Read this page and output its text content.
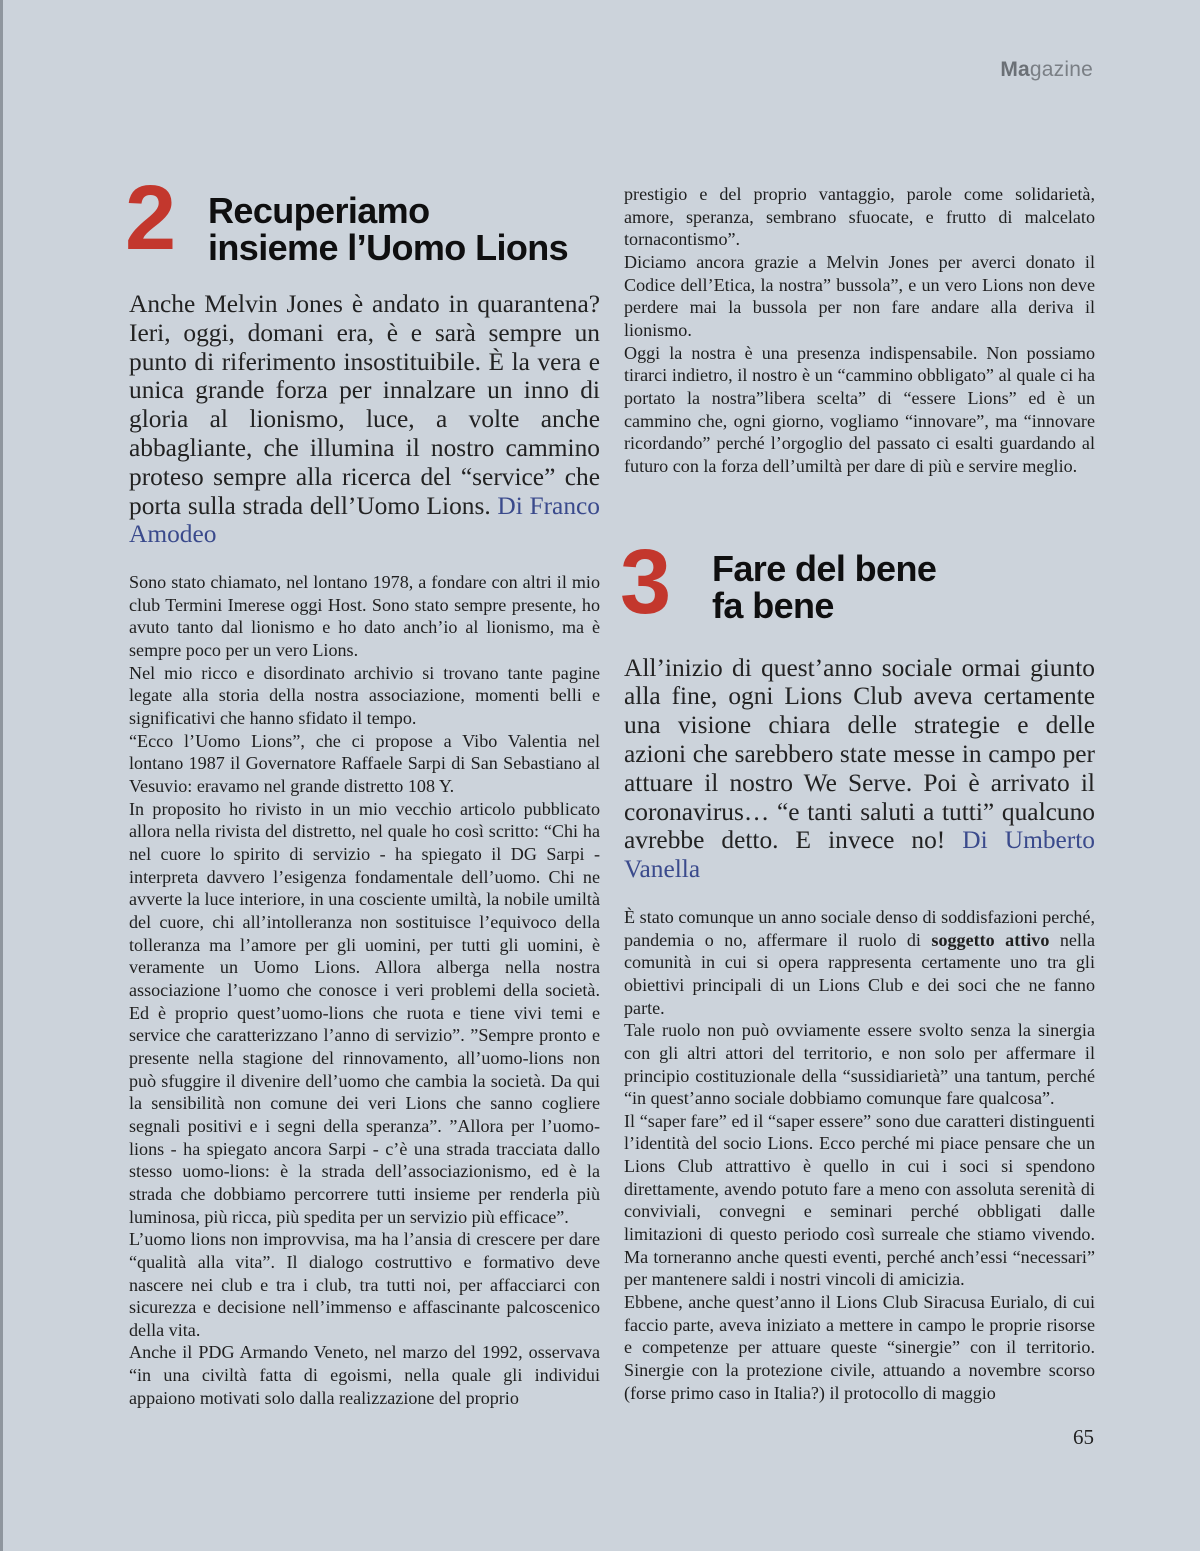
Magazine
2 Recuperiamo
insieme l’Uomo Lions
Anche Melvin Jones è andato in quarantena? Ieri, oggi, domani era, è e sarà sempre un punto di riferimento insostituibile. È la vera e unica grande forza per innalzare un inno di gloria al lionismo, luce, a volte anche abbagliante, che illumina il nostro cammino proteso sempre alla ricerca del “service” che porta sulla strada dell’Uomo Lions. Di Franco Amodeo

Sono stato chiamato, nel lontano 1978, a fondare con altri il mio club Termini Imerese oggi Host. Sono stato sempre presente, ho avuto tanto dal lionismo e ho dato anch’io al lionismo, ma è sempre poco per un vero Lions.

Nel mio ricco e disordinato archivio si trovano tante pagine legate alla storia della nostra associazione, momenti belli e significativi che hanno sfidato il tempo.

“Ecco l’Uomo Lions”, che ci propose a Vibo Valentia nel lontano 1987 il Governatore Raffaele Sarpi di San Sebastiano al Vesuvio: eravamo nel grande distretto 108 Y.

In proposito ho rivisto in un mio vecchio articolo pubblicato allora nella rivista del distretto, nel quale ho così scritto: “Chi ha nel cuore lo spirito di servizio - ha spiegato il DG Sarpi - interpreta davvero l’esigenza fondamentale dell’uomo. Chi ne avverte la luce interiore, in una cosciente umiltà, la nobile umiltà del cuore, chi all’intolleranza non sostituisce l’equivoco della tolleranza ma l’amore per gli uomini, per tutti gli uomini, è veramente un Uomo Lions. Allora alberga nella nostra associazione l’uomo che conosce i veri problemi della società. Ed è proprio quest’uomo-lions che ruota e tiene vivi temi e service che caratterizzano l’anno di servizio”. ”Sempre pronto e presente nella stagione del rinnovamento, all’uomo-lions non può sfuggire il divenire dell’uomo che cambia la società. Da qui la sensibilità non comune dei veri Lions che sanno cogliere segnali positivi e i segni della speranza”. ”Allora per l’uomo-lions - ha spiegato ancora Sarpi - c’è una strada tracciata dallo stesso uomo-lions: è la strada dell’associazionismo, ed è la strada che dobbiamo percorrere tutti insieme per renderla più luminosa, più ricca, più spedita per un servizio più efficace”.

L’uomo lions non improvvisa, ma ha l’ansia di crescere per dare “qualità alla vita”. Il dialogo costruttivo e formativo deve nascere nei club e tra i club, tra tutti noi, per affacciarci con sicurezza e decisione nell’immenso e affascinante palcoscenico della vita.

Anche il PDG Armando Veneto, nel marzo del 1992, osservava “in una civiltà fatta di egoismi, nella quale gli individui appaiono motivati solo dalla realizzazione del proprio

prestigio e del proprio vantaggio, parole come solidarietà, amore, speranza, sembrano sfuocate, e frutto di malcelato tornacontismo”.

Diciamo ancora grazie a Melvin Jones per averci donato il Codice dell’Etica, la nostra” bussola”, e un vero Lions non deve perdere mai la bussola per non fare andare alla deriva il lionismo.

Oggi la nostra è una presenza indispensabile. Non possiamo tirarci indietro, il nostro è un “cammino obbligato” al quale ci ha portato la nostra”libera scelta” di “essere Lions” ed è un cammino che, ogni giorno, vogliamo “innovare”, ma “innovare ricordando” perché l’orgoglio del passato ci esalti guardando al futuro con la forza dell’umiltà per dare di più e servire meglio.

3 Fare del bene
fa bene
All’inizio di quest’anno sociale ormai giunto alla fine, ogni Lions Club aveva certamente una visione chiara delle strategie e delle azioni che sarebbero state messe in campo per attuare il nostro We Serve. Poi è arrivato il coronavirus… “e tanti saluti a tutti” qualcuno avrebbe detto. E invece no! Di Umberto Vanella

È stato comunque un anno sociale denso di soddisfazioni perché, pandemia o no, affermare il ruolo di soggetto attivo nella comunità in cui si opera rappresenta certamente uno tra gli obiettivi principali di un Lions Club e dei soci che ne fanno parte.

Tale ruolo non può ovviamente essere svolto senza la sinergia con gli altri attori del territorio, e non solo per affermare il principio costituzionale della “sussidiarietà” una tantum, perché “in quest’anno sociale dobbiamo comunque fare qualcosa”.

Il “saper fare” ed il “saper essere” sono due caratteri distinguenti l’identità del socio Lions. Ecco perché mi piace pensare che un Lions Club attrattivo è quello in cui i soci si spendono direttamente, avendo potuto fare a meno con assoluta serenità di conviviali, convegni e seminari perché obbligati dalle limitazioni di questo periodo così surreale che stiamo vivendo. Ma torneranno anche questi eventi, perché anch’essi “necessari” per mantenere saldi i nostri vincoli di amicizia.

Ebbene, anche quest’anno il Lions Club Siracusa Eurialo, di cui faccio parte, aveva iniziato a mettere in campo le proprie risorse e competenze per attuare queste “sinergie” con il territorio. Sinergie con la protezione civile, attuando a novembre scorso (forse primo caso in Italia?) il protocollo di maggio

65
